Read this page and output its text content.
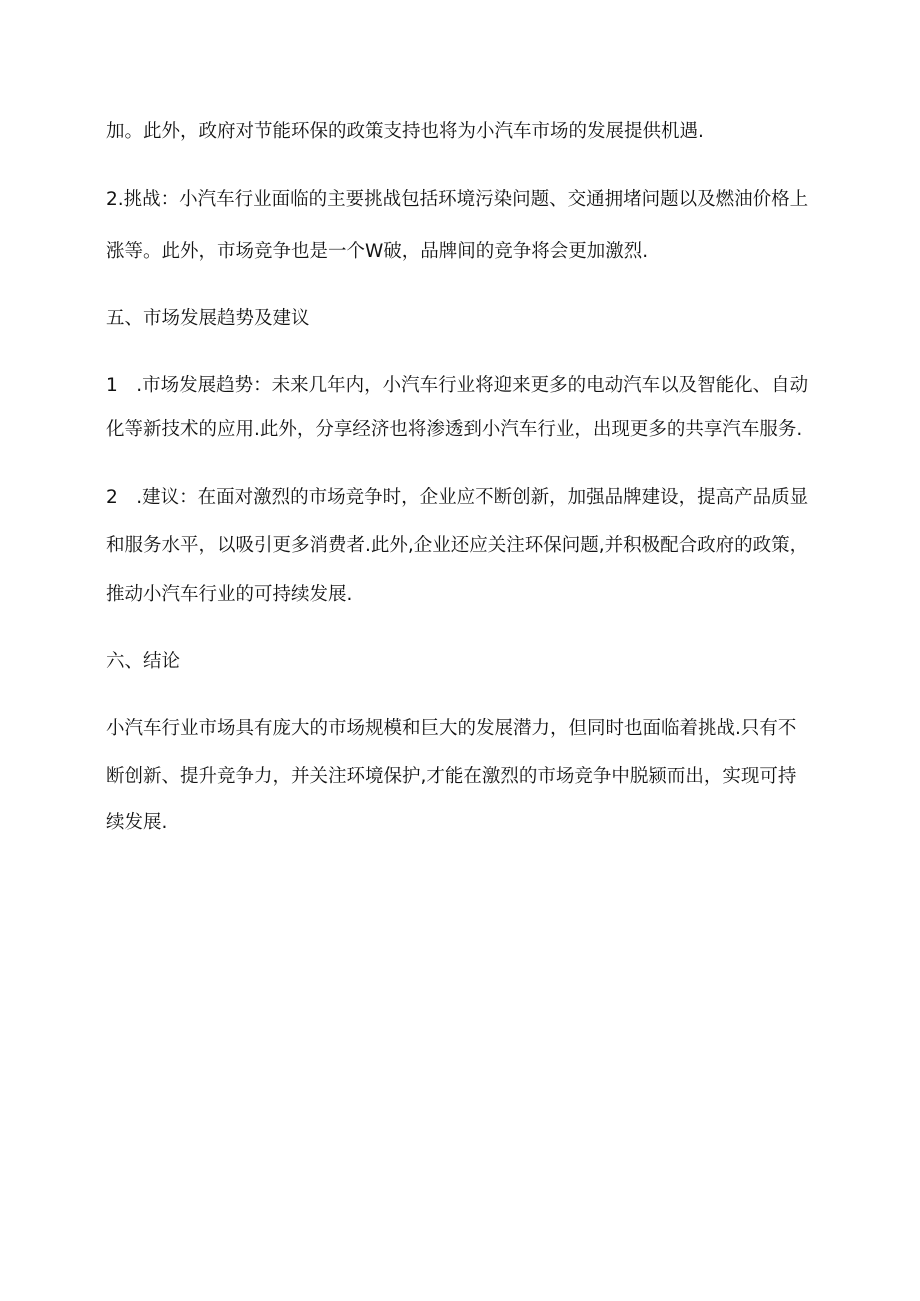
加。此外，政府对节能环保的政策支持也将为小汽车市场的发展提供机遇.
2.挑战：小汽车行业面临的主要挑战包括环境污染问题、交通拥堵问题以及燃油价格上
涨等。此外，市场竞争也是一个W破，品牌间的竞争将会更加激烈.
五、市场发展趋势及建议
1　.市场发展趋势：未来几年内，小汽车行业将迎来更多的电动汽车以及智能化、自动
化等新技术的应用.此外，分享经济也将渗透到小汽车行业，出现更多的共享汽车服务.
2　.建议：在面对激烈的市场竞争时，企业应不断创新，加强品牌建设，提高产品质显
和服务水平，以吸引更多消费者.此外,企业还应关注环保问题,并积极配合政府的政策，
推动小汽车行业的可持续发展.
六、结论
小汽车行业市场具有庞大的市场规模和巨大的发展潜力，但同时也面临着挑战.只有不
断创新、提升竞争力，并关注环境保护,才能在激烈的市场竞争中脱颍而出，实现可持
续发展.
